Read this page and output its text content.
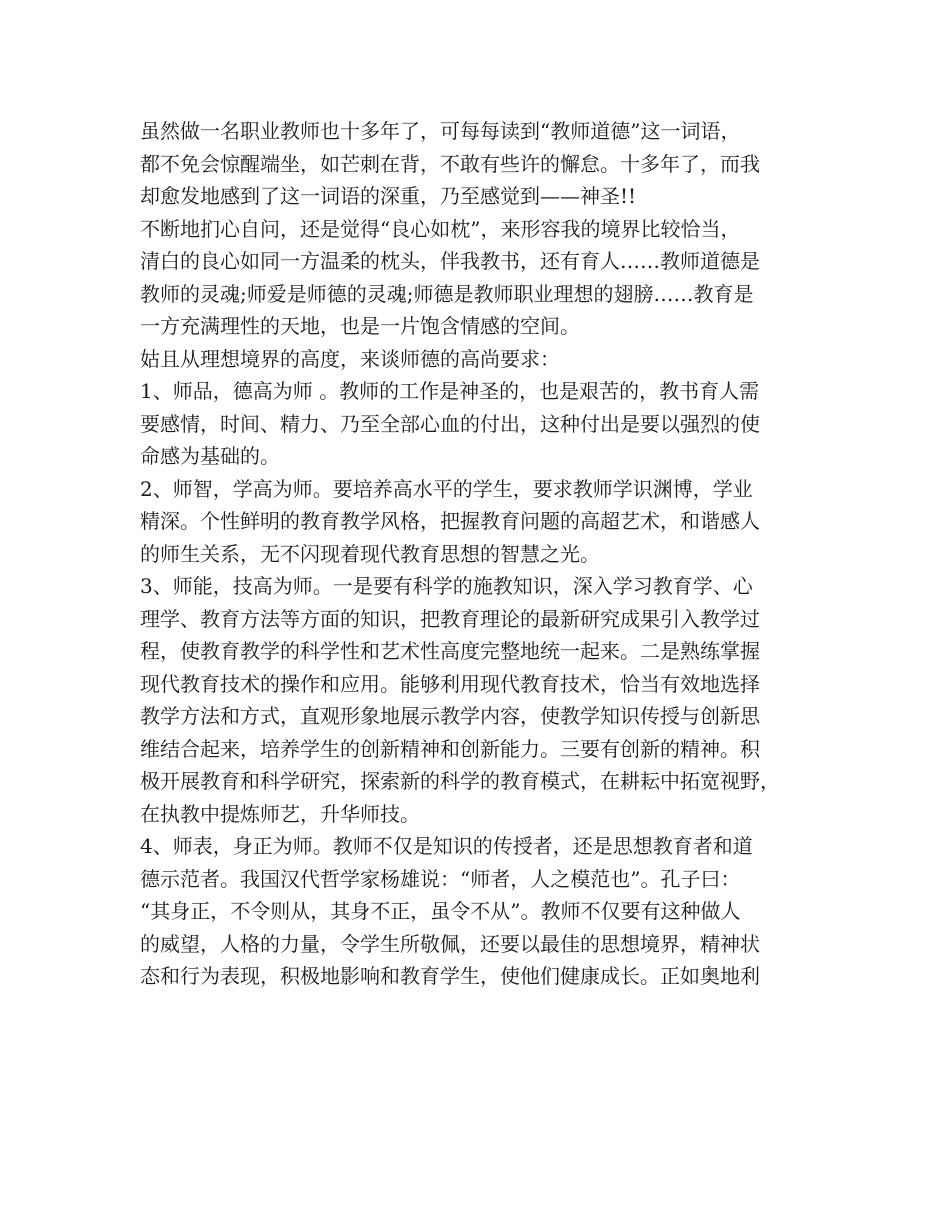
虽然做一名职业教师也十多年了，可每每读到“教师道德”这一词语，
都不免会惊醒端坐，如芒刺在背，不敢有些许的懈怠。十多年了，而我
却愈发地感到了这一词语的深重，乃至感觉到——神圣!!
不断地扪心自问，还是觉得“良心如枕”，来形容我的境界比较恰当，
清白的良心如同一方温柔的枕头，伴我教书，还有育人……教师道德是
教师的灵魂;师爱是师德的灵魂;师德是教师职业理想的翅膀……教育是
一方充满理性的天地，也是一片饱含情感的空间。
姑且从理想境界的高度，来谈师德的高尚要求：
1、师品，德高为师 。教师的工作是神圣的，也是艰苦的，教书育人需
要感情，时间、精力、乃至全部心血的付出，这种付出是要以强烈的使
命感为基础的。
2、师智，学高为师。要培养高水平的学生，要求教师学识渊博，学业
精深。个性鲜明的教育教学风格，把握教育问题的高超艺术，和谐感人
的师生关系，无不闪现着现代教育思想的智慧之光。
3、师能，技高为师。一是要有科学的施教知识，深入学习教育学、心
理学、教育方法等方面的知识，把教育理论的最新研究成果引入教学过
程，使教育教学的科学性和艺术性高度完整地统一起来。二是熟练掌握
现代教育技术的操作和应用。能够利用现代教育技术，恰当有效地选择
教学方法和方式，直观形象地展示教学内容，使教学知识传授与创新思
维结合起来，培养学生的创新精神和创新能力。三要有创新的精神。积
极开展教育和科学研究，探索新的科学的教育模式，在耕耘中拓宽视野，
在执教中提炼师艺，升华师技。
4、师表，身正为师。教师不仅是知识的传授者，还是思想教育者和道
德示范者。我国汉代哲学家杨雄说：“师者，人之模范也”。孔子曰：
“其身正，不令则从，其身不正，虽令不从”。教师不仅要有这种做人
的威望，人格的力量，令学生所敬佩，还要以最佳的思想境界，精神状
态和行为表现，积极地影响和教育学生，使他们健康成长。正如奥地利
